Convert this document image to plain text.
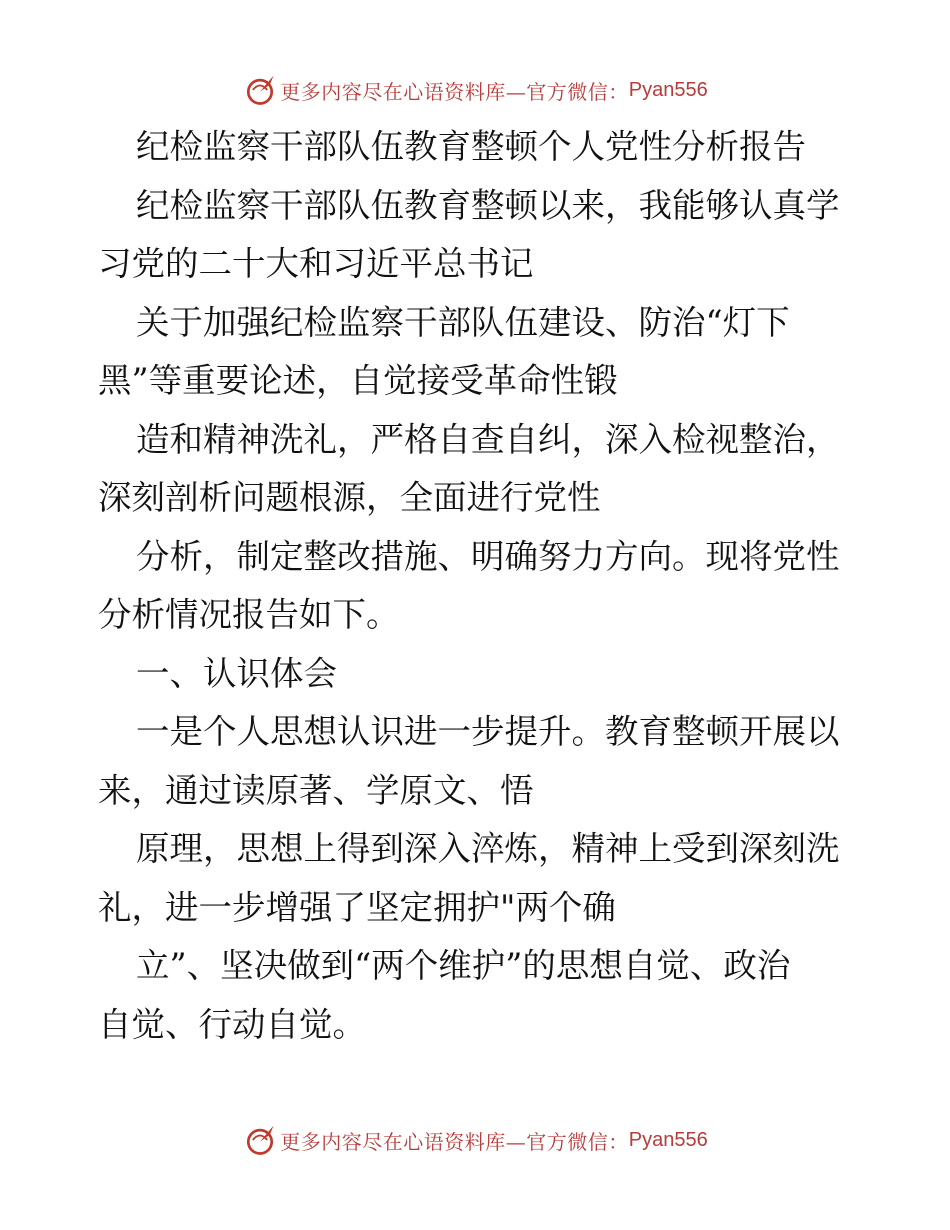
更多内容尽在心语资料库—官方微信： Pyan556

纪检监察干部队伍教育整顿个人党性分析报告

纪检监察干部队伍教育整顿以来，我能够认真学

习党的二十大和习近平总书记

关于加强纪检监察干部队伍建设、防治“灯下

黑”等重要论述，自觉接受革命性锻

造和精神洗礼，严格自查自纠，深入检视整治，

深刻剖析问题根源，全面进行党性

分析，制定整改措施、明确努力方向。现将党性

分析情况报告如下。

一、认识体会

一是个人思想认识进一步提升。教育整顿开展以

来，通过读原著、学原文、悟

原理，思想上得到深入淬炼，精神上受到深刻洗

礼，进一步增强了坚定拥护"两个确

立”、坚决做到“两个维护”的思想自觉、政治

自觉、行动自觉。

更多内容尽在心语资料库—官方微信： Pyan556
